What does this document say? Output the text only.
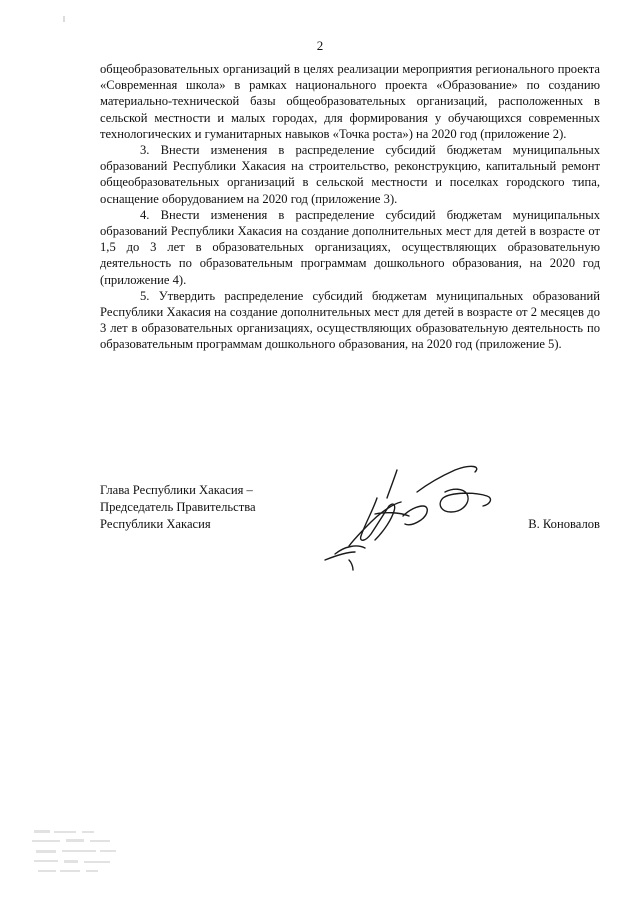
2

общеобразовательных организаций в целях реализации мероприятия регионального проекта «Современная школа» в рамках национального проекта «Образование» по созданию материально-технической базы общеобразовательных организаций, расположенных в сельской местности и малых городах, для формирования у обучающихся современных технологических и гуманитарных навыков «Точка роста») на 2020 год (приложение 2).

3. Внести изменения в распределение субсидий бюджетам муниципальных образований Республики Хакасия на строительство, реконструкцию, капитальный ремонт общеобразовательных организаций в сельской местности и поселках городского типа, оснащение оборудованием на 2020 год (приложение 3).

4. Внести изменения в распределение субсидий бюджетам муниципальных образований Республики Хакасия на создание дополнительных мест для детей в возрасте от 1,5 до 3 лет в образовательных организациях, осуществляющих образовательную деятельность по образовательным программам дошкольного образования, на 2020 год (приложение 4).

5. Утвердить распределение субсидий бюджетам муниципальных образований Республики Хакасия на создание дополнительных мест для детей в возрасте от 2 месяцев до 3 лет в образовательных организациях, осуществляющих образовательную деятельность по образовательным программам дошкольного образования, на 2020 год (приложение 5).

Глава Республики Хакасия –
Председатель Правительства
Республики Хакасия	В. Коновалов
